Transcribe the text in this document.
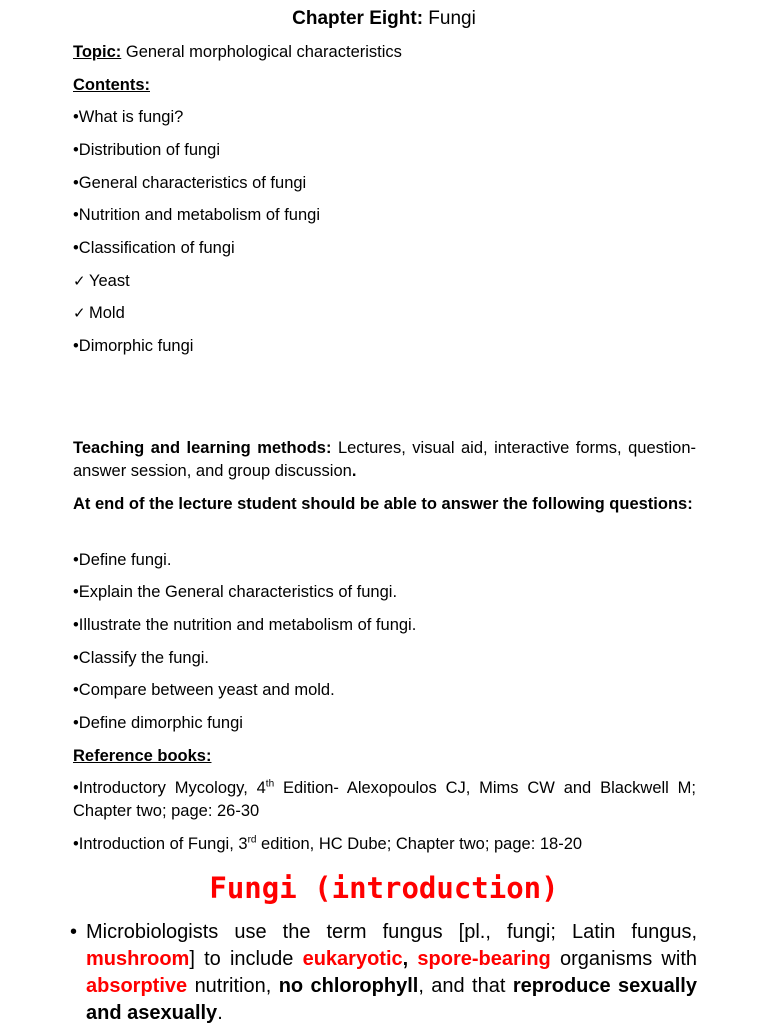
Chapter Eight: Fungi
Topic: General morphological characteristics
Contents:
•What is fungi?
•Distribution of fungi
•General characteristics of fungi
•Nutrition and metabolism of fungi
•Classification of fungi
✓ Yeast
✓ Mold
•Dimorphic fungi
Teaching and learning methods: Lectures, visual aid, interactive forms, question-answer session, and group discussion.
At end of the lecture student should be able to answer the following questions:
•Define fungi.
•Explain the General characteristics of fungi.
•Illustrate the nutrition and metabolism of fungi.
•Classify the fungi.
•Compare between yeast and mold.
•Define dimorphic fungi
Reference books:
•Introductory Mycology, 4th Edition- Alexopoulos CJ, Mims CW and Blackwell M; Chapter two; page: 26-30
•Introduction of Fungi, 3rd edition, HC Dube; Chapter two; page: 18-20
Fungi (introduction)
• Microbiologists use the term fungus [pl., fungi; Latin fungus, mushroom] to include eukaryotic, spore-bearing organisms with absorptive nutrition, no chlorophyll, and that reproduce sexually and asexually.
